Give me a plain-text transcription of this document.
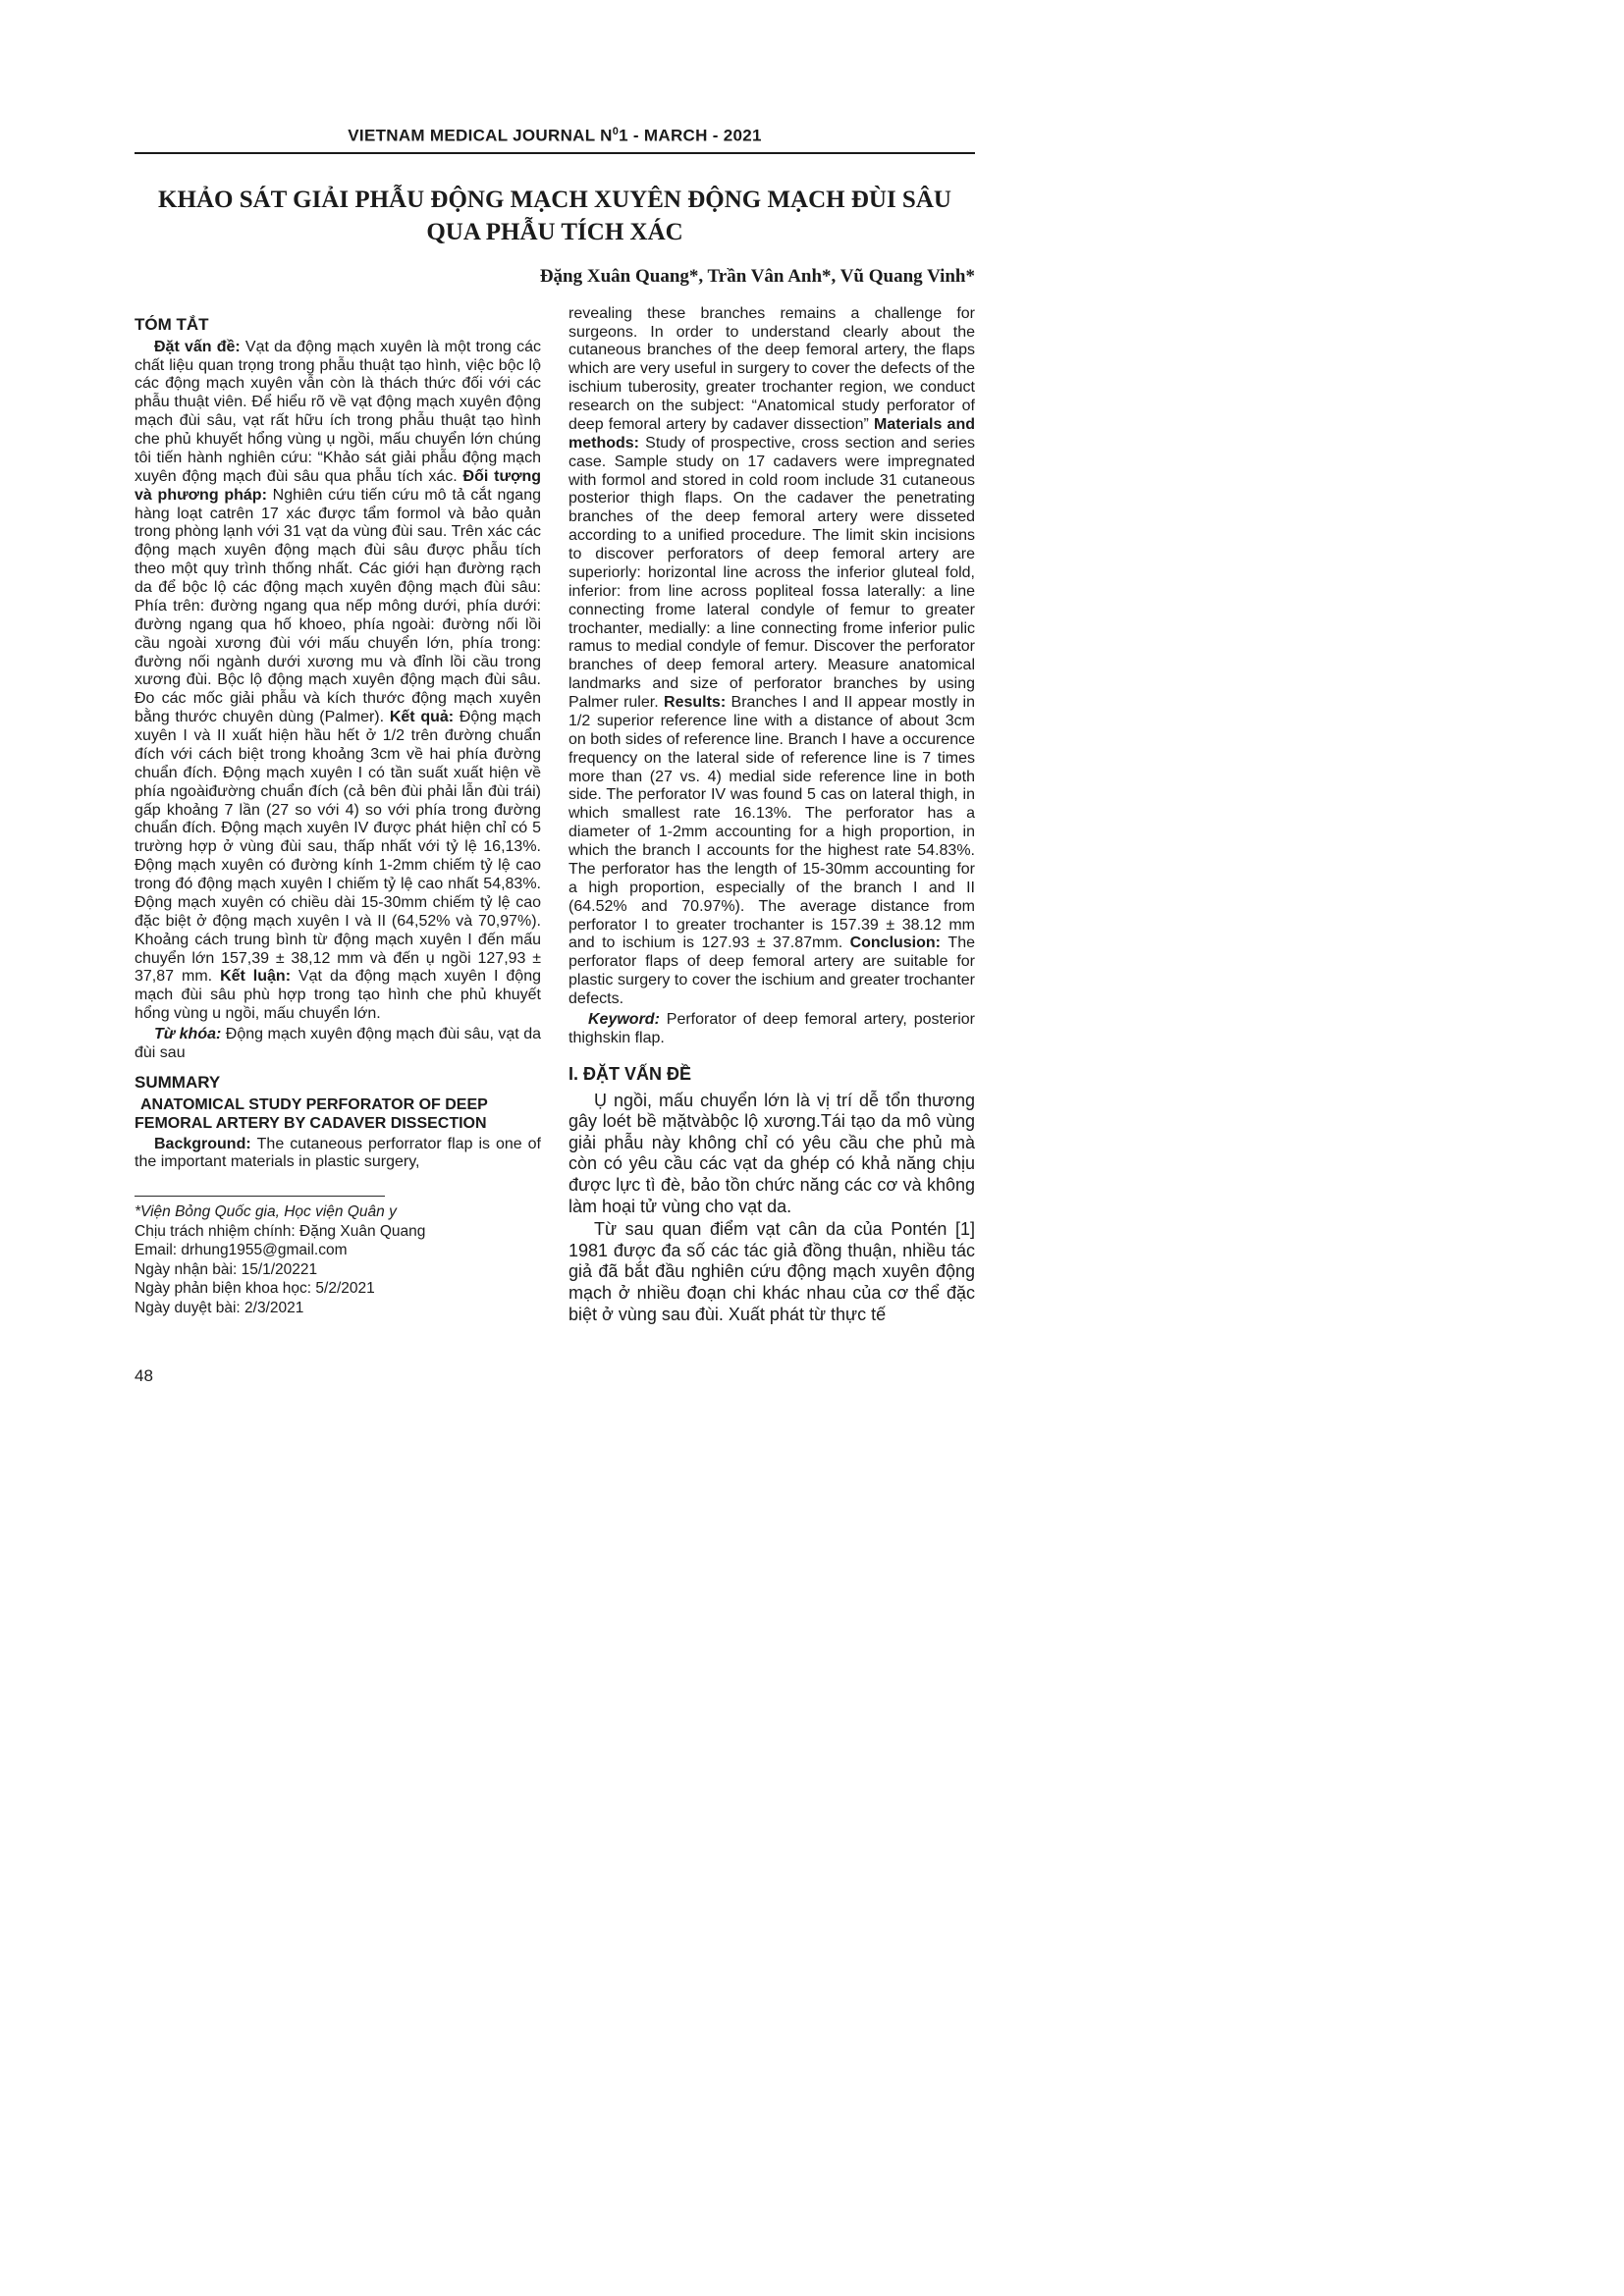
VIETNAM MEDICAL JOURNAL $N^01$ - MARCH - 2021
KHẢO SÁT GIẢI PHẪU ĐỘNG MẠCH XUYÊN ĐỘNG MẠCH ĐÙI SÂU
QUA PHẪU TÍCH XÁC
Đặng Xuân Quang*, Trần Vân Anh*, Vũ Quang Vinh*
TÓM TẮT

Đặt vấn đề: Vạt da động mạch xuyên là một trong các chất liệu quan trọng trong phẫu thuật tạo hình, việc bộc lộ các động mạch xuyên vẫn còn là thách thức đối với các phẫu thuật viên. Để hiểu rõ về vạt động mạch xuyên động mạch đùi sâu, vạt rất hữu ích trong phẫu thuật tạo hình che phủ khuyết hổng vùng ụ ngồi, mấu chuyển lớn chúng tôi tiến hành nghiên cứu: “Khảo sát giải phẫu động mạch xuyên động mạch đùi sâu qua phẫu tích xác. Đối tượng và phương pháp: Nghiên cứu tiến cứu mô tả cắt ngang hàng loạt catrên 17 xác được tẩm formol và bảo quản trong phòng lạnh với 31 vạt da vùng đùi sau. Trên xác các động mạch xuyên động mạch đùi sâu được phẫu tích theo một quy trình thống nhất. Các giới hạn đường rạch da để bộc lộ các động mạch xuyên động mạch đùi sâu: Phía trên: đường ngang qua nếp mông dưới, phía dưới: đường ngang qua hố khoeo, phía ngoài: đường nối lồi cầu ngoài xương đùi với mấu chuyển lớn, phía trong: đường nối ngành dưới xương mu và đỉnh lồi cầu trong xương đùi. Bộc lộ động mạch xuyên động mạch đùi sâu. Đo các mốc giải phẫu và kích thước động mạch xuyên bằng thước chuyên dùng (Palmer). Kết quả: Động mạch xuyên I và II xuất hiện hầu hết ở 1/2 trên đường chuẩn đích với cách biệt trong khoảng 3cm về hai phía đường chuẩn đích. Động mạch xuyên I có tần suất xuất hiện về phía ngoàiđường chuẩn đích (cả bên đùi phải lẫn đùi trái) gấp khoảng 7 lần (27 so với 4) so với phía trong đường chuẩn đích. Động mạch xuyên IV được phát hiện chỉ có 5 trường hợp ở vùng đùi sau, thấp nhất với tỷ lệ 16,13%. Động mạch xuyên có đường kính 1-2mm chiếm tỷ lệ cao trong đó động mạch xuyên I chiếm tỷ lệ cao nhất 54,83%. Động mạch xuyên có chiều dài 15-30mm chiếm tỷ lệ cao đặc biệt ở động mạch xuyên I và II (64,52% và 70,97%). Khoảng cách trung bình từ động mạch xuyên I đến mấu chuyển lớn 157,39 ± 38,12 mm và đến ụ ngồi 127,93 ± 37,87 mm. Kết luận: Vạt da động mạch xuyên I động mạch đùi sâu phù hợp trong tạo hình che phủ khuyết hổng vùng u ngồi, mấu chuyển lớn.

Từ khóa: Động mạch xuyên động mạch đùi sâu, vạt da đùi sau

SUMMARY

ANATOMICAL STUDY PERFORATOR OF DEEP FEMORAL ARTERY BY CADAVER DISSECTION

Background: The cutaneous perforrator flap is one of the important materials in plastic surgery,

*Viện Bỏng Quốc gia, Học viện Quân y
Chịu trách nhiệm chính: Đặng Xuân Quang
Email: drhung1955@gmail.com
Ngày nhận bài: 15/1/20221
Ngày phản biện khoa học: 5/2/2021
Ngày duyệt bài: 2/3/2021

revealing these branches remains a challenge for surgeons. In order to understand clearly about the cutaneous branches of the deep femoral artery, the flaps which are very useful in surgery to cover the defects of the ischium tuberosity, greater trochanter region, we conduct research on the subject: “Anatomical study perforator of deep femoral artery by cadaver dissection” Materials and methods: Study of prospective, cross section and series case. Sample study on 17 cadavers were impregnated with formol and stored in cold room include 31 cutaneous posterior thigh flaps. On the cadaver the penetrating branches of the deep femoral artery were disseted according to a unified procedure. The limit skin incisions to discover perforators of deep femoral artery are superiorly: horizontal line across the inferior gluteal fold, inferior: from line across popliteal fossa laterally: a line connecting frome lateral condyle of femur to greater trochanter, medially: a line connecting frome inferior pulic ramus to medial condyle of femur. Discover the perforator branches of deep femoral artery. Measure anatomical landmarks and size of perforator branches by using Palmer ruler. Results: Branches I and II appear mostly in 1/2 superior reference line with a distance of about 3cm on both sides of reference line. Branch I have a occurence frequency on the lateral side of reference line is 7 times more than (27 vs. 4) medial side reference line in both side. The perforator IV was found 5 cas on lateral thigh, in which smallest rate 16.13%. The perforator has a diameter of 1-2mm accounting for a high proportion, in which the branch I accounts for the highest rate 54.83%. The perforator has the length of 15-30mm accounting for a high proportion, especially of the branch I and II (64.52% and 70.97%). The average distance from perforator I to greater trochanter is 157.39 ± 38.12 mm and to ischium is 127.93 ± 37.87mm. Conclusion: The perforator flaps of deep femoral artery are suitable for plastic surgery to cover the ischium and greater trochanter defects.

Keyword: Perforator of deep femoral artery, posterior thighskin flap.

I. ĐẶT VẤN ĐỀ

Ụ ngồi, mấu chuyển lớn là vị trí dễ tổn thương gây loét bề mặtvàbộc lộ xương.Tái tạo da mô vùng giải phẫu này không chỉ có yêu cầu che phủ mà còn có yêu cầu các vạt da ghép có khả năng chịu được lực tì đè, bảo tồn chức năng các cơ và không làm hoại tử vùng cho vạt da.

Từ sau quan điểm vạt cân da của Pontén [1] 1981 được đa số các tác giả đồng thuận, nhiều tác giả đã bắt đầu nghiên cứu động mạch xuyên động mạch ở nhiều đoạn chi khác nhau của cơ thể đặc biệt ở vùng sau đùi. Xuất phát từ thực tế

48
